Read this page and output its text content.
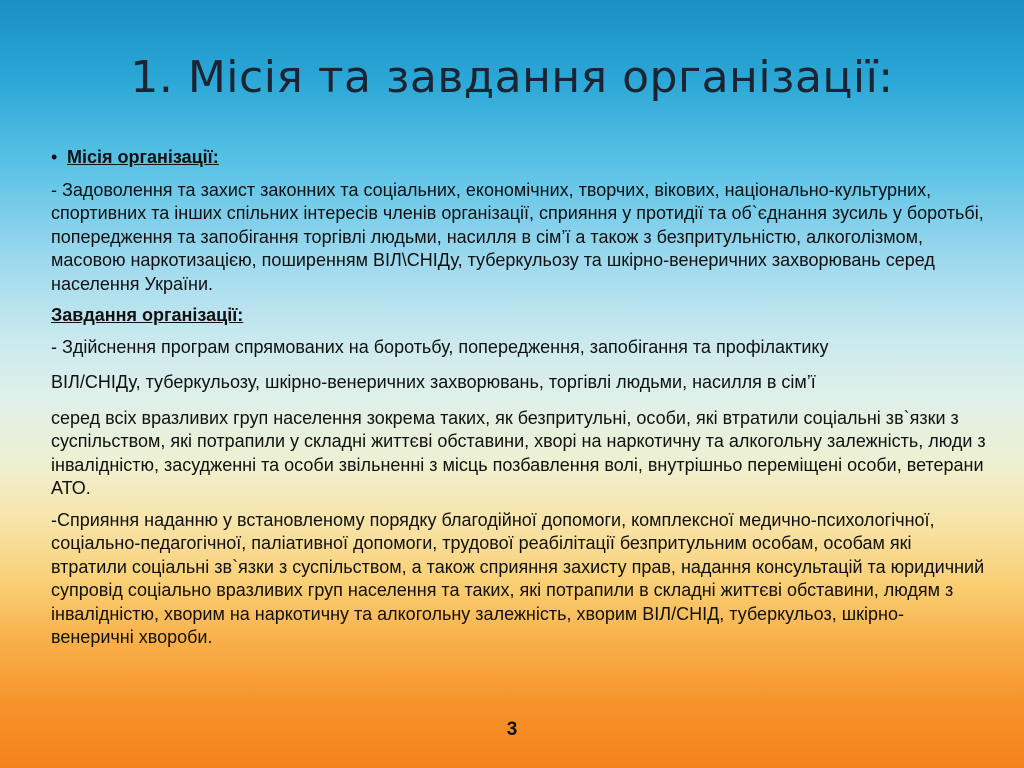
1. Місія та завдання організації:
• Місія організації:

- Задоволення та захист законних та соціальних, економічних, творчих, вікових, національно-культурних, спортивних та інших спільних інтересів членів організації, сприяння у протидії та об`єднання зусиль у боротьбі, попередження та запобігання торгівлі людьми, насилля в сім’ї а також з безпритульністю, алкоголізмом, масовою наркотизацією, поширенням ВІЛ\СНІДу, туберкульозу та шкірно-венеричних захворювань серед населення України.

Завдання організації:

- Здійснення програм спрямованих на боротьбу, попередження, запобігання та профілактику

ВІЛ/СНІДу, туберкульозу, шкірно-венеричних захворювань, торгівлі людьми, насилля в сім’ї

серед всіх вразливих груп населення зокрема таких, як безпритульні, особи, які втратили соціальні зв`язки з суспільством, які потрапили у складні життєві обставини, хворі на наркотичну та алкогольну залежність, люди з інвалідністю, засудженні та особи звільненні з місць позбавлення волі, внутрішньо переміщені особи, ветерани АТО.

-Сприяння наданню у встановленому порядку благодійної допомоги, комплексної медично-психологічної, соціально-педагогічної, паліативної допомоги, трудової реабілітації безпритульним особам, особам які втратили соціальні зв`язки з суспільством, а також сприяння захисту прав, надання консультацій та юридичний супровід соціально вразливих груп населення та таких, які потрапили в складні життєві обставини, людям з інвалідністю, хворим на наркотичну та алкогольну залежність, хворим ВІЛ/СНІД, туберкульоз, шкірно-венеричні хвороби.

3
